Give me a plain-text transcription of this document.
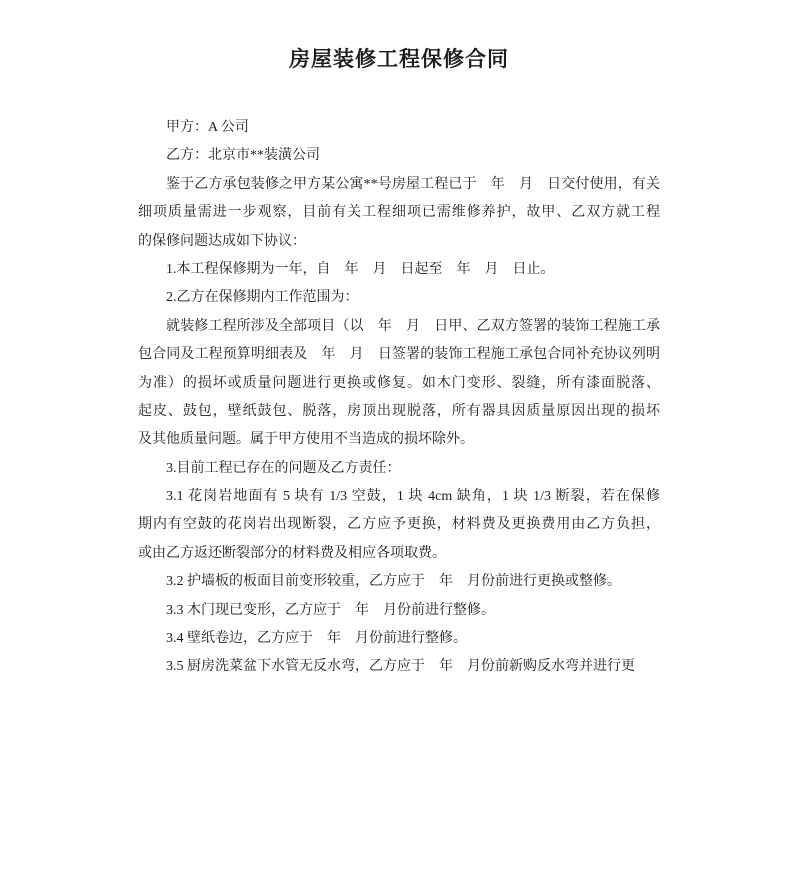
房屋装修工程保修合同
甲方：A 公司
乙方：北京市**装潢公司
鉴于乙方承包装修之甲方某公寓**号房屋工程已于　年　月　日交付使用，有关
细项质量需进一步观察，目前有关工程细项已需维修养护，故甲、乙双方就工程
的保修问题达成如下协议：
1.本工程保修期为一年，自　年　月　日起至　年　月　日止。
2.乙方在保修期内工作范围为：
就装修工程所涉及全部项目（以　年　月　日甲、乙双方签署的装饰工程施工承
包合同及工程预算明细表及　年　月　日签署的装饰工程施工承包合同补充协议列明
为准）的损坏或质量问题进行更换或修复。如木门变形、裂缝，所有漆面脱落、
起皮、鼓包，壁纸鼓包、脱落，房顶出现脱落，所有器具因质量原因出现的损坏
及其他质量问题。属于甲方使用不当造成的损坏除外。
3.目前工程已存在的问题及乙方责任：
3.1 花岗岩地面有 5 块有 1/3 空鼓，1 块 4cm 缺角，1 块 1/3 断裂，若在保修
期内有空鼓的花岗岩出现断裂，乙方应予更换，材料费及更换费用由乙方负担，
或由乙方返还断裂部分的材料费及相应各项取费。
3.2 护墙板的板面目前变形较重，乙方应于　年　月份前进行更换或整修。
3.3 木门现已变形，乙方应于　年　月份前进行整修。
3.4 壁纸卷边，乙方应于　年　月份前进行整修。
3.5 厨房洗菜盆下水管无反水弯，乙方应于　年　月份前新购反水弯并进行更
